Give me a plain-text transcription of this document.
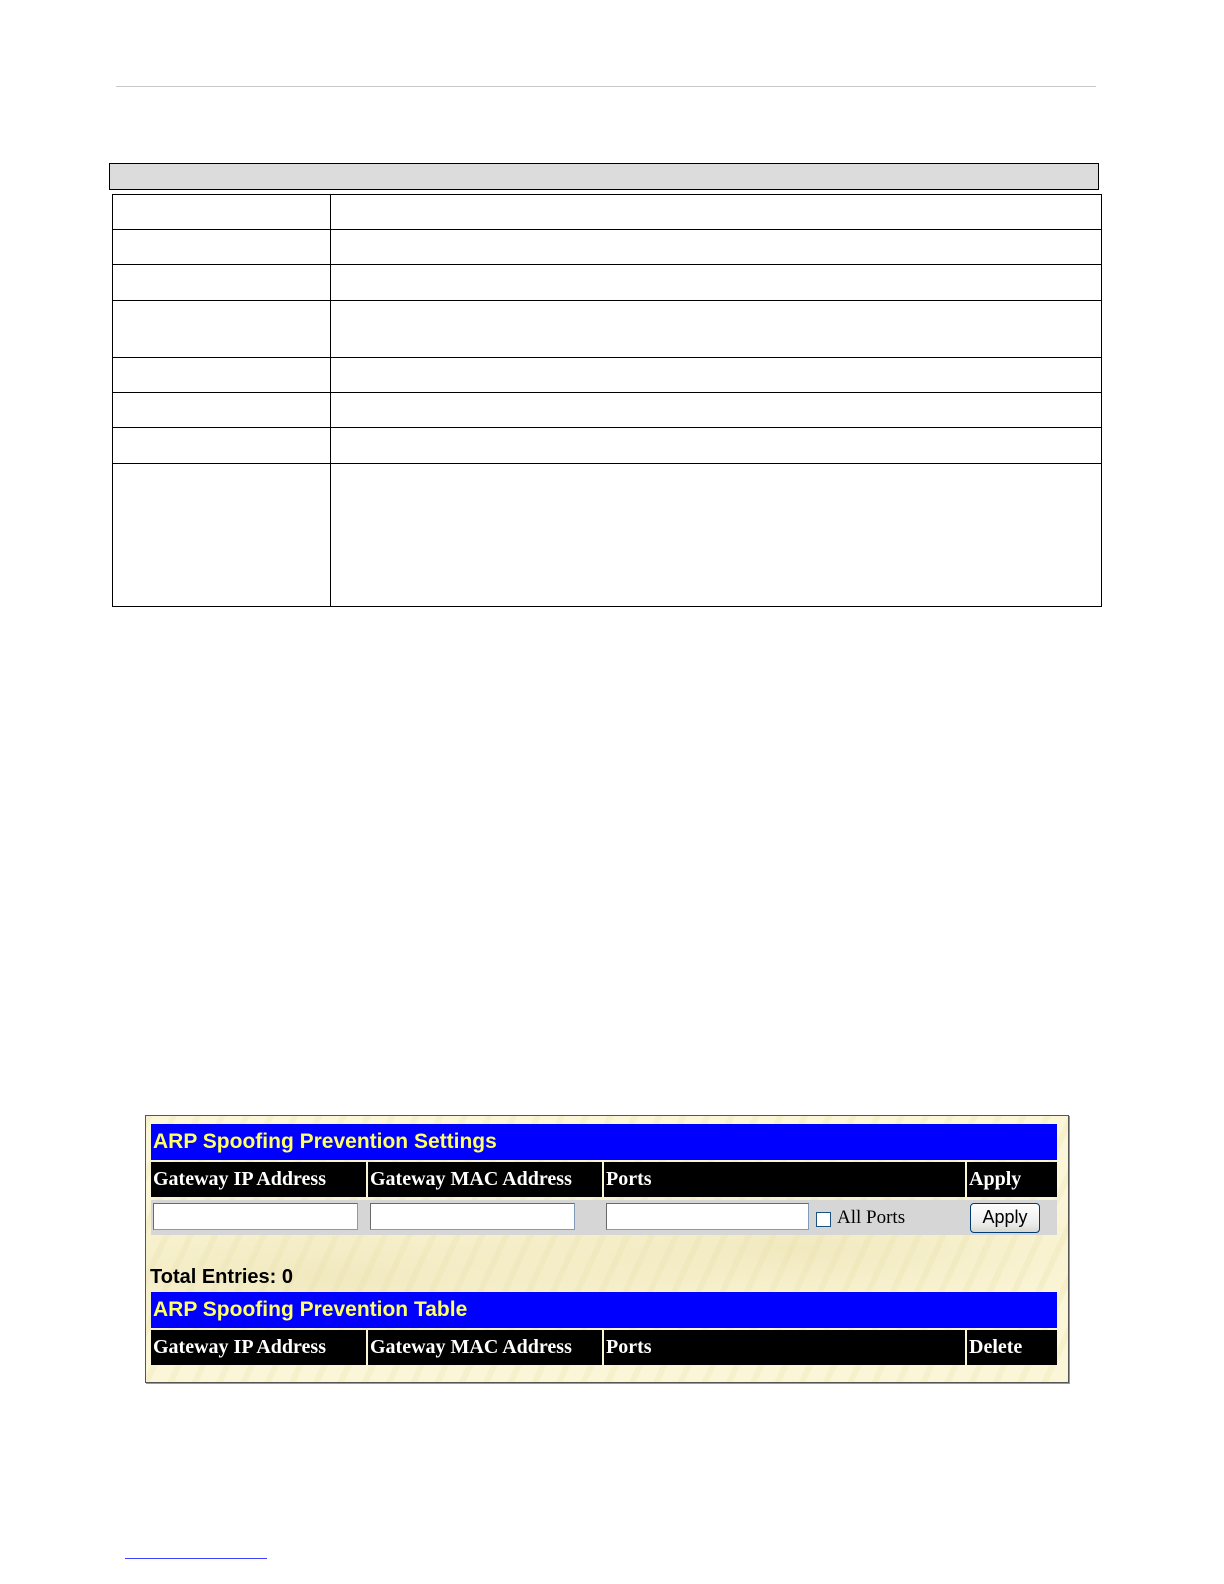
ARP Spoofing Prevention Settings
Gateway IP Address	Gateway MAC Address	Ports	Apply
All Ports	Apply
Total Entries: 0
ARP Spoofing Prevention Table
Gateway IP Address	Gateway MAC Address	Ports	Delete
